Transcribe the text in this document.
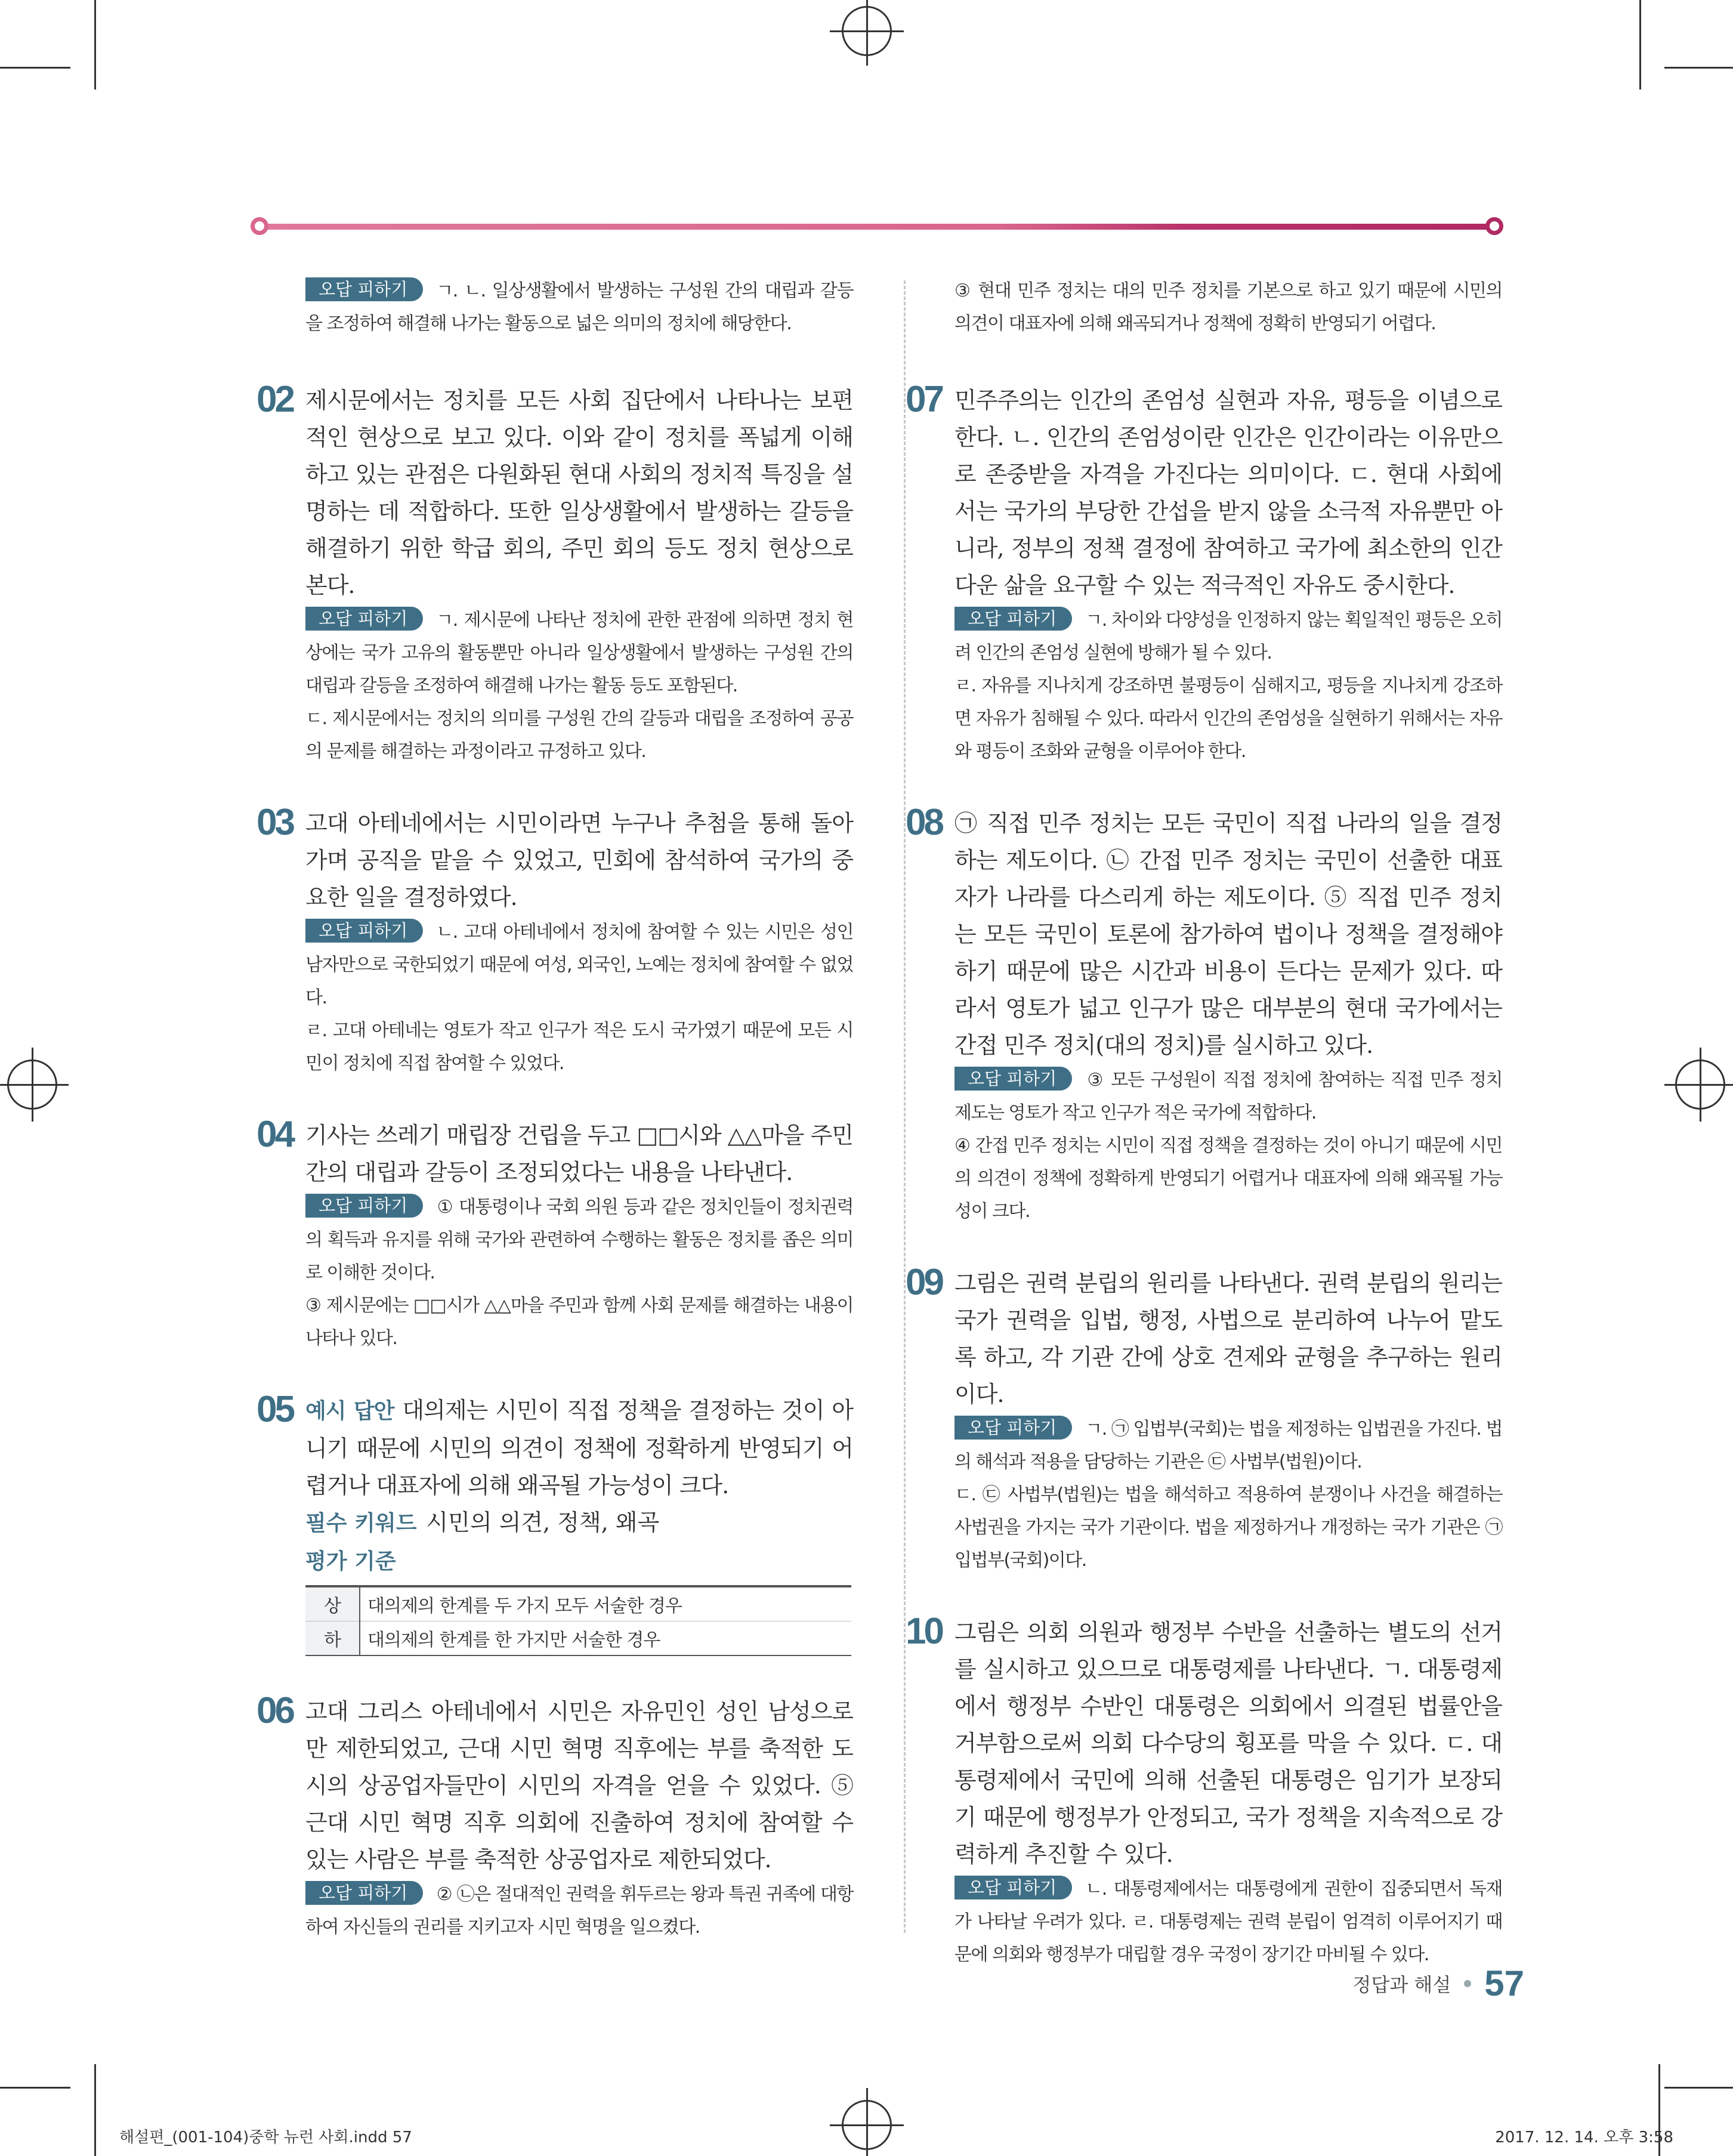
오답 피하기 ㄱ. ㄴ. 일상생활에서 발생하는 구성원 간의 대립과 갈등을 조정하여 해결해 나가는 활동으로 넓은 의미의 정치에 해당한다.

02 제시문에서는 정치를 모든 사회 집단에서 나타나는 보편적인 현상으로 보고 있다. 이와 같이 정치를 폭넓게 이해하고 있는 관점은 다원화된 현대 사회의 정치적 특징을 설명하는 데 적합하다. 또한 일상생활에서 발생하는 갈등을 해결하기 위한 학급 회의, 주민 회의 등도 정치 현상으로 본다.

오답 피하기 ㄱ. 제시문에 나타난 정치에 관한 관점에 의하면 정치 현상에는 국가 고유의 활동뿐만 아니라 일상생활에서 발생하는 구성원 간의 대립과 갈등을 조정하여 해결해 나가는 활동 등도 포함된다.

ㄷ. 제시문에서는 정치의 의미를 구성원 간의 갈등과 대립을 조정하여 공공의 문제를 해결하는 과정이라고 규정하고 있다.

03 고대 아테네에서는 시민이라면 누구나 추첨을 통해 돌아가며 공직을 맡을 수 있었고, 민회에 참석하여 국가의 중요한 일을 결정하였다.

오답 피하기 ㄴ. 고대 아테네에서 정치에 참여할 수 있는 시민은 성인 남자만으로 국한되었기 때문에 여성, 외국인, 노예는 정치에 참여할 수 없었다.

ㄹ. 고대 아테네는 영토가 작고 인구가 적은 도시 국가였기 때문에 모든 시민이 정치에 직접 참여할 수 있었다.

04 기사는 쓰레기 매립장 건립을 두고 □□시와 △△마을 주민 간의 대립과 갈등이 조정되었다는 내용을 나타낸다.

오답 피하기 ① 대통령이나 국회 의원 등과 같은 정치인들이 정치권력의 획득과 유지를 위해 국가와 관련하여 수행하는 활동은 정치를 좁은 의미로 이해한 것이다.

③ 제시문에는 □□시가 △△마을 주민과 함께 사회 문제를 해결하는 내용이 나타나 있다.

05 예시 답안 대의제는 시민이 직접 정책을 결정하는 것이 아니기 때문에 시민의 의견이 정책에 정확하게 반영되기 어렵거나 대표자에 의해 왜곡될 가능성이 크다.

필수 키워드 시민의 의견, 정책, 왜곡

평가 기준

상	대의제의 한계를 두 가지 모두 서술한 경우
하	대의제의 한계를 한 가지만 서술한 경우
06 고대 그리스 아테네에서 시민은 자유민인 성인 남성으로만 제한되었고, 근대 시민 혁명 직후에는 부를 축적한 도시의 상공업자들만이 시민의 자격을 얻을 수 있었다. ⑤ 근대 시민 혁명 직후 의회에 진출하여 정치에 참여할 수 있는 사람은 부를 축적한 상공업자로 제한되었다.

오답 피하기 ② ㉡은 절대적인 권력을 휘두르는 왕과 특권 귀족에 대항하여 자신들의 권리를 지키고자 시민 혁명을 일으켰다.

③ 현대 민주 정치는 대의 민주 정치를 기본으로 하고 있기 때문에 시민의 의견이 대표자에 의해 왜곡되거나 정책에 정확히 반영되기 어렵다.

07 민주주의는 인간의 존엄성 실현과 자유, 평등을 이념으로 한다. ㄴ. 인간의 존엄성이란 인간은 인간이라는 이유만으로 존중받을 자격을 가진다는 의미이다. ㄷ. 현대 사회에서는 국가의 부당한 간섭을 받지 않을 소극적 자유뿐만 아니라, 정부의 정책 결정에 참여하고 국가에 최소한의 인간다운 삶을 요구할 수 있는 적극적인 자유도 중시한다.

오답 피하기 ㄱ. 차이와 다양성을 인정하지 않는 획일적인 평등은 오히려 인간의 존엄성 실현에 방해가 될 수 있다.

ㄹ. 자유를 지나치게 강조하면 불평등이 심해지고, 평등을 지나치게 강조하면 자유가 침해될 수 있다. 따라서 인간의 존엄성을 실현하기 위해서는 자유와 평등이 조화와 균형을 이루어야 한다.

08 ㉠ 직접 민주 정치는 모든 국민이 직접 나라의 일을 결정하는 제도이다. ㉡ 간접 민주 정치는 국민이 선출한 대표자가 나라를 다스리게 하는 제도이다. ⑤ 직접 민주 정치는 모든 국민이 토론에 참가하여 법이나 정책을 결정해야 하기 때문에 많은 시간과 비용이 든다는 문제가 있다. 따라서 영토가 넓고 인구가 많은 대부분의 현대 국가에서는 간접 민주 정치(대의 정치)를 실시하고 있다.

오답 피하기 ③ 모든 구성원이 직접 정치에 참여하는 직접 민주 정치 제도는 영토가 작고 인구가 적은 국가에 적합하다.

④ 간접 민주 정치는 시민이 직접 정책을 결정하는 것이 아니기 때문에 시민의 의견이 정책에 정확하게 반영되기 어렵거나 대표자에 의해 왜곡될 가능성이 크다.

09 그림은 권력 분립의 원리를 나타낸다. 권력 분립의 원리는 국가 권력을 입법, 행정, 사법으로 분리하여 나누어 맡도록 하고, 각 기관 간에 상호 견제와 균형을 추구하는 원리이다.

오답 피하기 ㄱ. ㉠ 입법부(국회)는 법을 제정하는 입법권을 가진다. 법의 해석과 적용을 담당하는 기관은 ㉢ 사법부(법원)이다.

ㄷ. ㉢ 사법부(법원)는 법을 해석하고 적용하여 분쟁이나 사건을 해결하는 사법권을 가지는 국가 기관이다. 법을 제정하거나 개정하는 국가 기관은 ㉠ 입법부(국회)이다.

10 그림은 의회 의원과 행정부 수반을 선출하는 별도의 선거를 실시하고 있으므로 대통령제를 나타낸다. ㄱ. 대통령제에서 행정부 수반인 대통령은 의회에서 의결된 법률안을 거부함으로써 의회 다수당의 횡포를 막을 수 있다. ㄷ. 대통령제에서 국민에 의해 선출된 대통령은 임기가 보장되기 때문에 행정부가 안정되고, 국가 정책을 지속적으로 강력하게 추진할 수 있다.

오답 피하기 ㄴ. 대통령제에서는 대통령에게 권한이 집중되면서 독재가 나타날 우려가 있다. ㄹ. 대통령제는 권력 분립이 엄격히 이루어지기 때문에 의회와 행정부가 대립할 경우 국정이 장기간 마비될 수 있다.

정답과 해설 57
해설편_(001-104)중학 뉴런 사회.indd 57	2017. 12. 14. 오후 3:58
